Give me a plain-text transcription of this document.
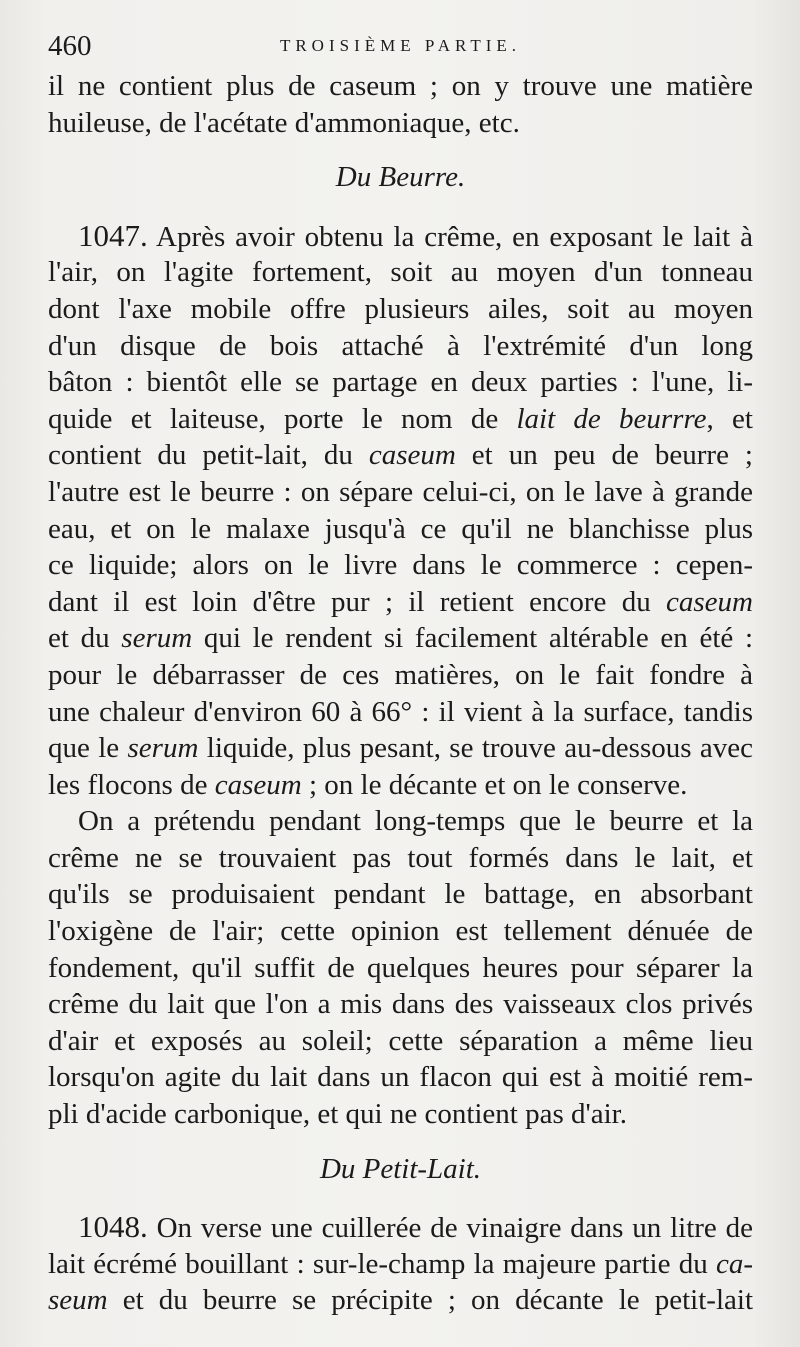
460	TROISIÈME PARTIE.
il ne contient plus de caseum ; on y trouve une matière
huileuse, de l'acétate d'ammoniaque, etc.
Du Beurre.
1047. Après avoir obtenu la crême, en exposant le lait à
l'air, on l'agite fortement, soit au moyen d'un tonneau
dont l'axe mobile offre plusieurs ailes, soit au moyen
d'un disque de bois attaché à l'extrémité d'un long
bâton : bientôt elle se partage en deux parties : l'une, li-
quide et laiteuse, porte le nom de lait de beurrre, et
contient du petit-lait, du caseum et un peu de beurre ;
l'autre est le beurre : on sépare celui-ci, on le lave à grande
eau, et on le malaxe jusqu'à ce qu'il ne blanchisse plus
ce liquide; alors on le livre dans le commerce : cepen-
dant il est loin d'être pur ; il retient encore du caseum
et du serum qui le rendent si facilement altérable en été :
pour le débarrasser de ces matières, on le fait fondre à
une chaleur d'environ 60 à 66° : il vient à la surface, tandis
que le serum liquide, plus pesant, se trouve au-dessous avec
les flocons de caseum ; on le décante et on le conserve.
On a prétendu pendant long-temps que le beurre et la
crême ne se trouvaient pas tout formés dans le lait, et
qu'ils se produisaient pendant le battage, en absorbant
l'oxigène de l'air; cette opinion est tellement dénuée de
fondement, qu'il suffit de quelques heures pour séparer la
crême du lait que l'on a mis dans des vaisseaux clos privés
d'air et exposés au soleil; cette séparation a même lieu
lorsqu'on agite du lait dans un flacon qui est à moitié rem-
pli d'acide carbonique, et qui ne contient pas d'air.
Du Petit-Lait.
1048. On verse une cuillerée de vinaigre dans un litre de
lait écrémé bouillant : sur-le-champ la majeure partie du ca-
seum et du beurre se précipite ; on décante le petit-lait
